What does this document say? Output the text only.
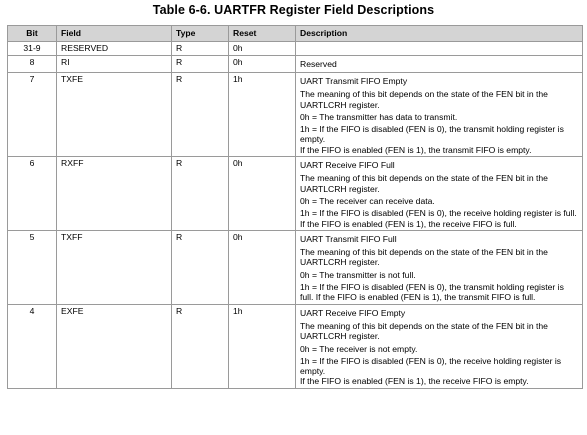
Table 6-6. UARTFR Register Field Descriptions
Bit	Field	Type	Reset	Description
31-9	RESERVED	R	0h	
8	RI	R	0h	Reserved

7	TXFE	R	1h	UART Transmit FIFO Empty

The meaning of this bit depends on the state of the FEN bit in the UARTLCRH register.

0h = The transmitter has data to transmit.

1h = If the FIFO is disabled (FEN is 0), the transmit holding register is empty.

If the FIFO is enabled (FEN is 1), the transmit FIFO is empty.

6	RXFF	R	0h	UART Receive FIFO Full

The meaning of this bit depends on the state of the FEN bit in the UARTLCRH register.

0h = The receiver can receive data.

1h = If the FIFO is disabled (FEN is 0), the receive holding register is full.

If the FIFO is enabled (FEN is 1), the receive FIFO is full.

5	TXFF	R	0h	UART Transmit FIFO Full

The meaning of this bit depends on the state of the FEN bit in the UARTLCRH register.

0h = The transmitter is not full.

1h = If the FIFO is disabled (FEN is 0), the transmit holding register is full. If the FIFO is enabled (FEN is 1), the transmit FIFO is full.

4	EXFE	R	1h	UART Receive FIFO Empty

The meaning of this bit depends on the state of the FEN bit in the UARTLCRH register.

0h = The receiver is not empty.

1h = If the FIFO is disabled (FEN is 0), the receive holding register is empty.

If the FIFO is enabled (FEN is 1), the receive FIFO is empty.
